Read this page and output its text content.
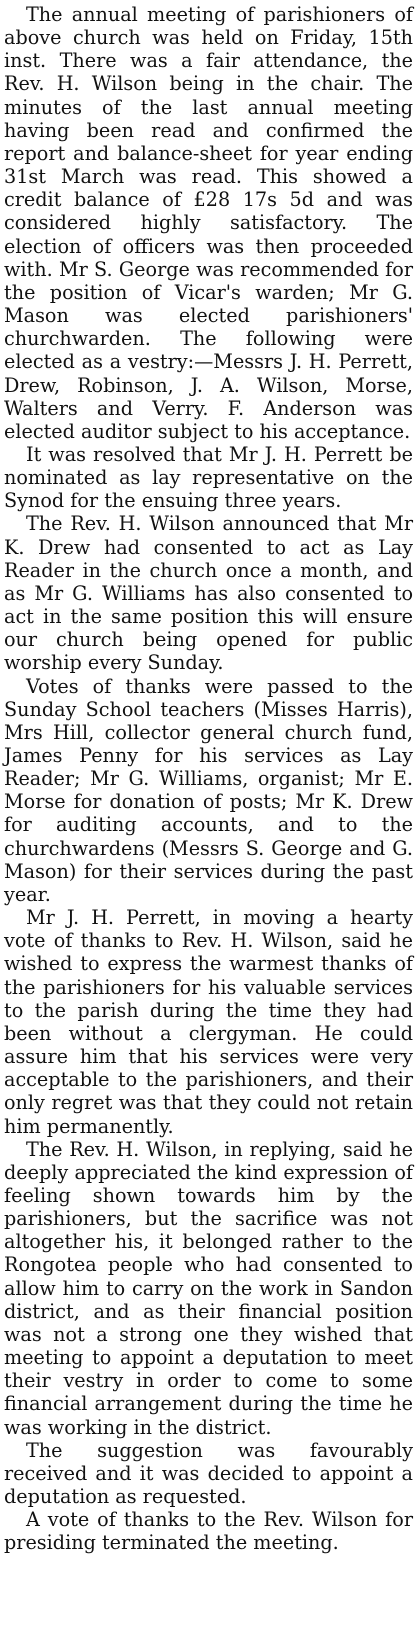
The annual meeting of parishioners of above church was held on Friday, 15th inst. There was a fair attendance, the Rev. H. Wilson being in the chair. The minutes of the last annual meeting having been read and confirmed the report and balance-sheet for year ending 31st March was read. This showed a credit balance of £28 17s 5d and was considered highly satisfactory. The election of officers was then proceeded with. Mr S. George was recommended for the position of Vicar's warden; Mr G. Mason was elected parishioners' churchwarden. The following were elected as a vestry:—Messrs J. H. Perrett, Drew, Robinson, J. A. Wilson, Morse, Walters and Verry. F. Anderson was elected auditor subject to his acceptance.

It was resolved that Mr J. H. Perrett be nominated as lay representative on the Synod for the ensuing three years.

The Rev. H. Wilson announced that Mr K. Drew had consented to act as Lay Reader in the church once a month, and as Mr G. Williams has also consented to act in the same position this will ensure our church being opened for public worship every Sunday.

Votes of thanks were passed to the Sunday School teachers (Misses Harris), Mrs Hill, collector general church fund, James Penny for his services as Lay Reader; Mr G. Williams, organist; Mr E. Morse for donation of posts; Mr K. Drew for auditing accounts, and to the churchwardens (Messrs S. George and G. Mason) for their services during the past year.

Mr J. H. Perrett, in moving a hearty vote of thanks to Rev. H. Wilson, said he wished to express the warmest thanks of the parishioners for his valuable services to the parish during the time they had been without a clergyman. He could assure him that his services were very acceptable to the parishioners, and their only regret was that they could not retain him permanently.

The Rev. H. Wilson, in replying, said he deeply appreciated the kind expression of feeling shown towards him by the parishioners, but the sacrifice was not altogether his, it belonged rather to the Rongotea people who had consented to allow him to carry on the work in Sandon district, and as their financial position was not a strong one they wished that meeting to appoint a deputation to meet their vestry in order to come to some financial arrangement during the time he was working in the district.

The suggestion was favourably received and it was decided to appoint a deputation as requested.

A vote of thanks to the Rev. Wilson for presiding terminated the meeting.
